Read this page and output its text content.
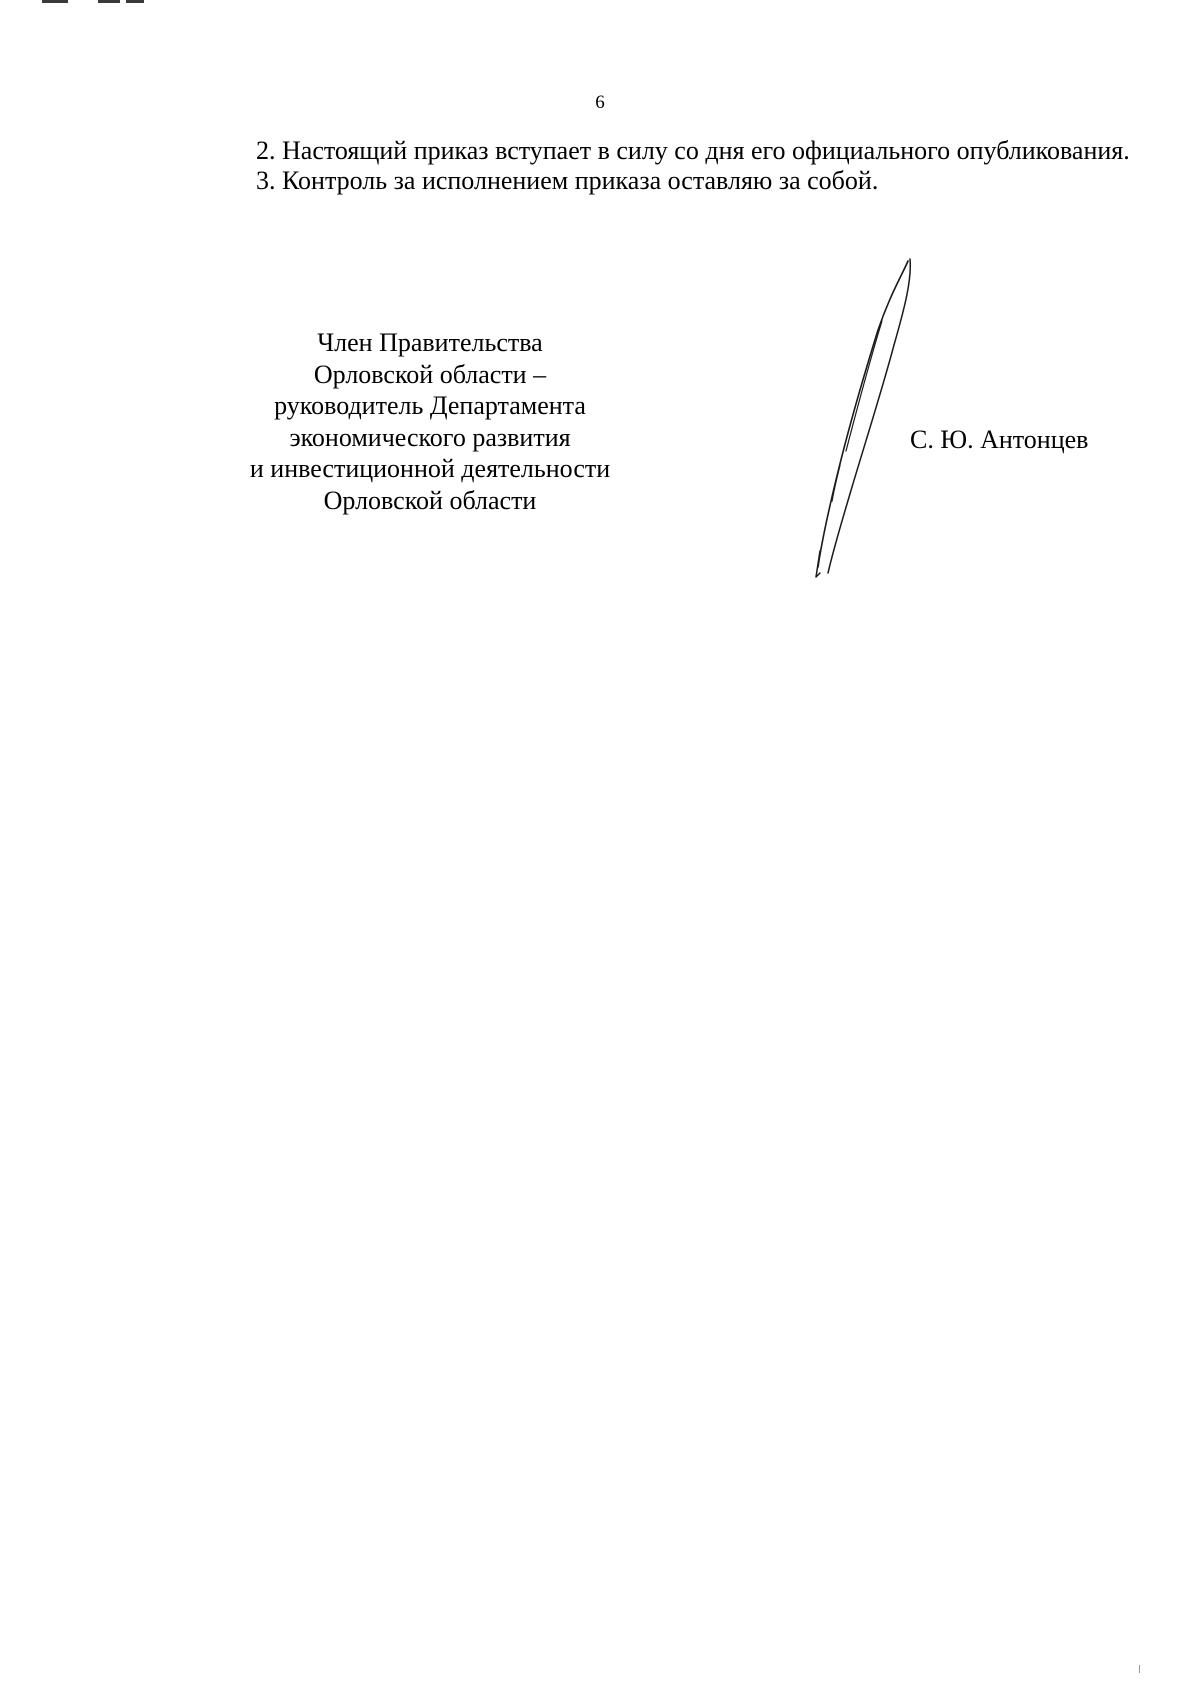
6

2. Настоящий приказ вступает в силу со дня его официального опубликования.

3. Контроль за исполнением приказа оставляю за собой.

Член Правительства
Орловской области –
руководитель Департамента
экономического развития
и инвестиционной деятельности
Орловской области
С. Ю. Антонцев
